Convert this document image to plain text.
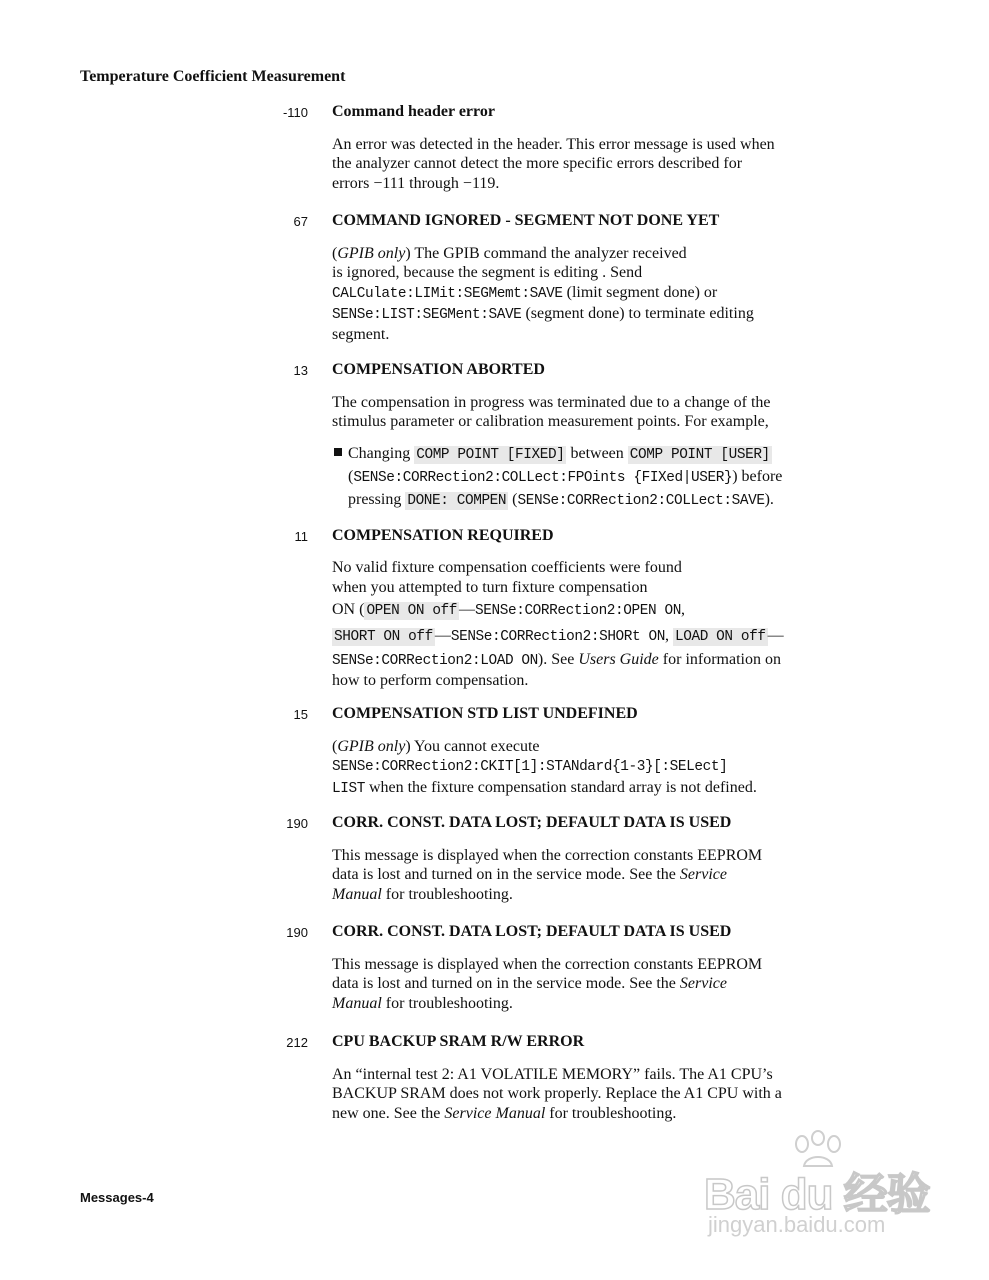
Temperature Coefficient Measurement
-110 Command header error
An error was detected in the header. This error message is used when
the analyzer cannot detect the more specific errors described for
errors −111 through −119.
67 COMMAND IGNORED - SEGMENT NOT DONE YET
(GPIB only) The GPIB command the analyzer received
is ignored, because the segment is editing . Send
CALCulate:LIMit:SEGMemt:SAVE (limit segment done) or
SENSe:LIST:SEGMent:SAVE (segment done) to terminate editing
segment.
13 COMPENSATION ABORTED
The compensation in progress was terminated due to a change of the
stimulus parameter or calibration measurement points. For example,
Changing COMP POINT [FIXED] between COMP POINT [USER]
(SENSe:CORRection2:COLLect:FPOints {FIXed|USER}) before
pressing DONE: COMPEN (SENSe:CORRection2:COLLect:SAVE).
11 COMPENSATION REQUIRED
No valid fixture compensation coefficients were found
when you attempted to turn fixture compensation
ON ( OPEN ON off —SENSe:CORRection2:OPEN ON,
SHORT ON off —SENSe:CORRection2:SHORt ON, LOAD ON off —
SENSe:CORRection2:LOAD ON). See Users Guide for information on
how to perform compensation.
15 COMPENSATION STD LIST UNDEFINED
(GPIB only) You cannot execute
SENSe:CORRection2:CKIT[1]:STANdard{1-3}[:SELect]
LIST when the fixture compensation standard array is not defined.
190 CORR. CONST. DATA LOST; DEFAULT DATA IS USED
This message is displayed when the correction constants EEPROM
data is lost and turned on in the service mode. See the Service
Manual for troubleshooting.
190 CORR. CONST. DATA LOST; DEFAULT DATA IS USED
This message is displayed when the correction constants EEPROM
data is lost and turned on in the service mode. See the Service
Manual for troubleshooting.
212 CPU BACKUP SRAM R/W ERROR
An “internal test 2: A1 VOLATILE MEMORY” fails. The A1 CPU’s
BACKUP SRAM does not work properly. Replace the A1 CPU with a
new one. See the Service Manual for troubleshooting.
Messages-4	Bai du 经验
jingyan.baidu.com
